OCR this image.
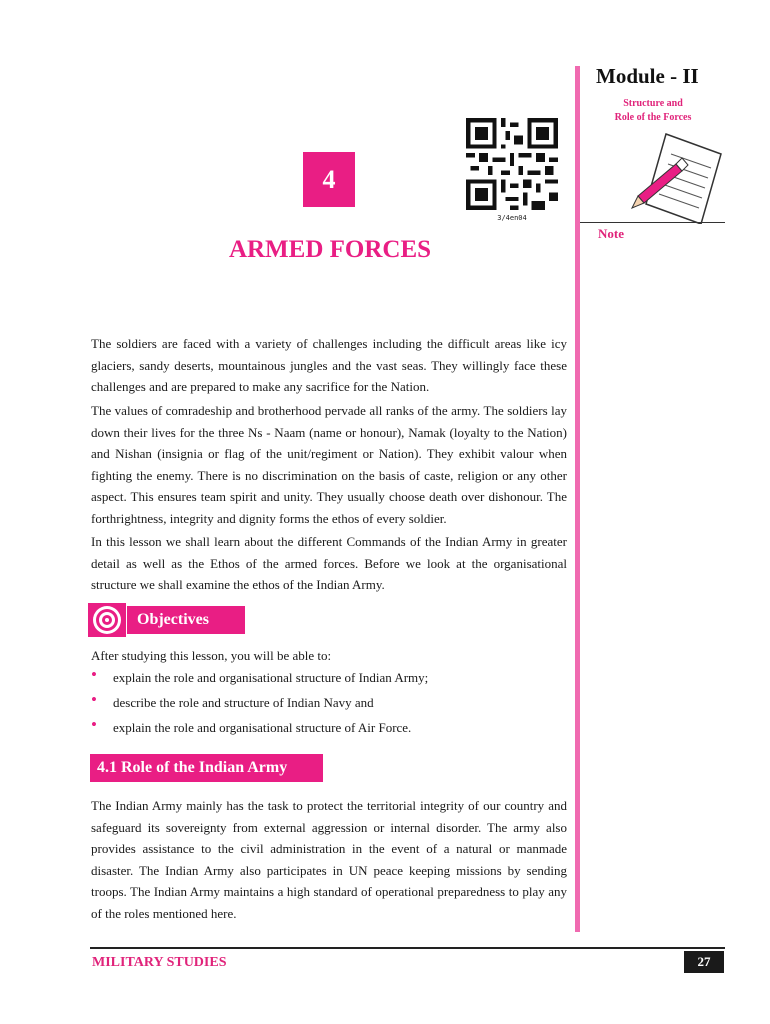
Module - II
Structure and
Role of the Forces
Note
3/4en04
4
ARMED FORCES

The soldiers are faced with a variety of challenges including the difficult areas like icy glaciers, sandy deserts, mountainous jungles and the vast seas. They willingly face these challenges and are prepared to make any sacrifice for the Nation.

The values of comradeship and brotherhood pervade all ranks of the army. The soldiers lay down their lives for the three Ns - Naam (name or honour), Namak (loyalty to the Nation) and Nishan (insignia or flag of the unit/regiment or Nation). They exhibit valour when fighting the enemy. There is no discrimination on the basis of caste, religion or any other aspect. This ensures team spirit and unity. They usually choose death over dishonour. The forthrightness, integrity and dignity forms the ethos of every soldier.

In this lesson we shall learn about the different Commands of the Indian Army in greater detail as well as the Ethos of the armed forces. Before we look at the organisational structure we shall examine the ethos of the Indian Army.

Objectives
After studying this lesson, you will be able to:
• explain the role and organisational structure of Indian Army;
• describe the role and structure of Indian Navy and
• explain the role and organisational structure of Air Force.
4.1 Role of the Indian Army

The Indian Army mainly has the task to protect the territorial integrity of our country and safeguard its sovereignty from external aggression or internal disorder. The army also provides assistance to the civil administration in the event of a natural or manmade disaster. The Indian Army also participates in UN peace keeping missions by sending troops. The Indian Army maintains a high standard of operational preparedness to play any of the roles mentioned here.

MILITARY STUDIES	27
